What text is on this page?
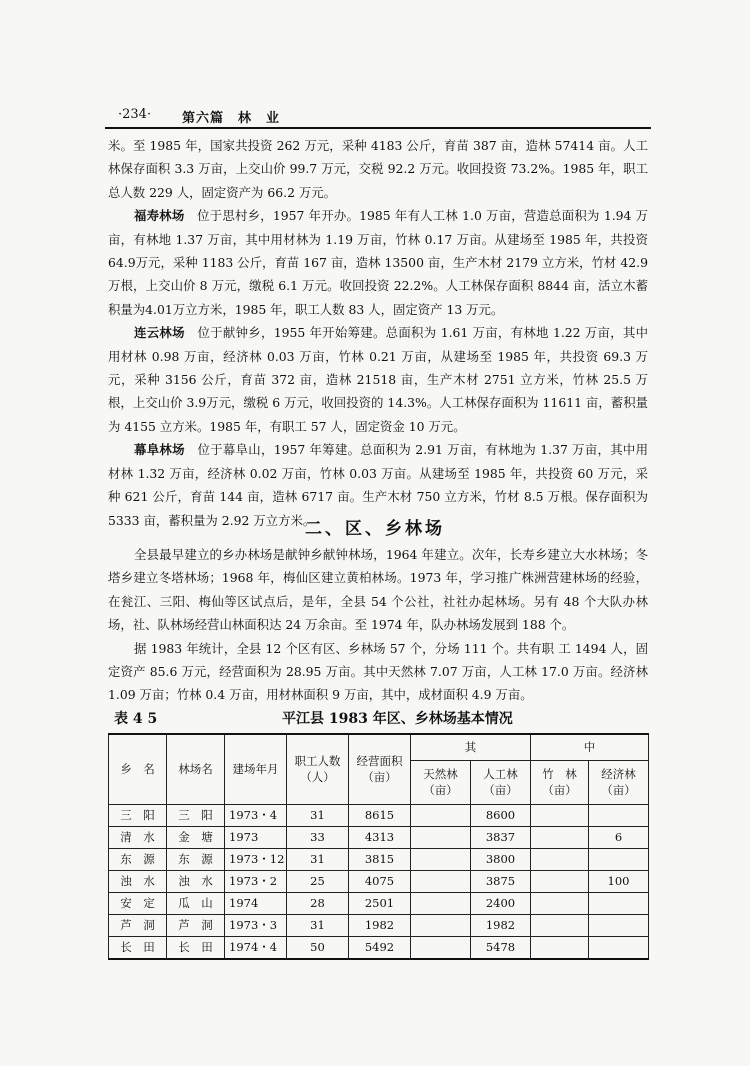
·234· 第六篇　林　业

米。至 1985 年，国家共投资 262 万元，采种 4183 公斤，育苗 387 亩，造林 57414 亩。人工林保存面积 3.3 万亩，上交山价 99.7 万元，交税 92.2 万元。收回投资 73.2%。1985 年，职工总人数 229 人，固定资产为 66.2 万元。

福寿林场　位于思村乡，1957 年开办。1985 年有人工林 1.0 万亩，营造总面积为 1.94 万亩，有林地 1.37 万亩，其中用材林为 1.19 万亩，竹林 0.17 万亩。从建场至 1985 年，共投资 64.9万元，采种 1183 公斤，育苗 167 亩，造林 13500 亩，生产木材 2179 立方米，竹材 42.9 万根，上交山价 8 万元，缴税 6.1 万元。收回投资 22.2%。人工林保存面积 8844 亩，活立木蓄积量为4.01万立方米，1985 年，职工人数 83 人，固定资产 13 万元。

连云林场　位于献钟乡，1955 年开始筹建。总面积为 1.61 万亩，有林地 1.22 万亩，其中用材林 0.98 万亩，经济林 0.03 万亩，竹林 0.21 万亩，从建场至 1985 年，共投资 69.3 万元，采种 3156 公斤，育苗 372 亩，造林 21518 亩，生产木材 2751 立方米，竹林 25.5 万根，上交山价 3.9万元，缴税 6 万元，收回投资的 14.3%。人工林保存面积为 11611 亩，蓄积量为 4155 立方米。1985 年，有职工 57 人，固定资金 10 万元。

幕阜林场　位于幕阜山，1957 年筹建。总面积为 2.91 万亩，有林地为 1.37 万亩，其中用材林 1.32 万亩，经济林 0.02 万亩，竹林 0.03 万亩。从建场至 1985 年，共投资 60 万元，采种 621 公斤，育苗 144 亩，造林 6717 亩。生产木材 750 立方米，竹材 8.5 万根。保存面积为 5333 亩，蓄积量为 2.92 万立方米。

二、区、乡林场

全县最早建立的乡办林场是献钟乡献钟林场，1964 年建立。次年，长寿乡建立大水林场；冬塔乡建立冬塔林场；1968 年，梅仙区建立黄柏林场。1973 年，学习推广株洲营建林场的经验，在瓮江、三阳、梅仙等区试点后，是年，全县 54 个公社，社社办起林场。另有 48 个大队办林场，社、队林场经营山林面积达 24 万余亩。至 1974 年，队办林场发展到 188 个。

据 1983 年统计，全县 12 个区有区、乡林场 57 个，分场 111 个。共有职 工 1494 人，固定资产 85.6 万元，经营面积为 28.95 万亩。其中天然林 7.07 万亩，人工林 17.0 万亩。经济林 1.09 万亩；竹林 0.4 万亩，用材林面积 9 万亩，其中，成材面积 4.9 万亩。

表 4 5	平江县 1983 年区、乡林场基本情况
乡　名	林场名	建场年月	职工人数（人）	经营面积（亩）	其		中	
					天然林（亩）	人工林（亩）	竹　林（亩）	经济林（亩）
三　阳	三　阳	1973・4	31	8615		8600		
清　水	金　塘	1973	33	4313		3837		6
东　源	东　源	1973・12	31	3815		3800		
浊　水	浊　水	1973・2	25	4075		3875		100
安　定	瓜　山	1974	28	2501		2400		
芦　洞	芦　洞	1973・3	31	1982		1982		
长　田	长　田	1974・4	50	5492		5478		
